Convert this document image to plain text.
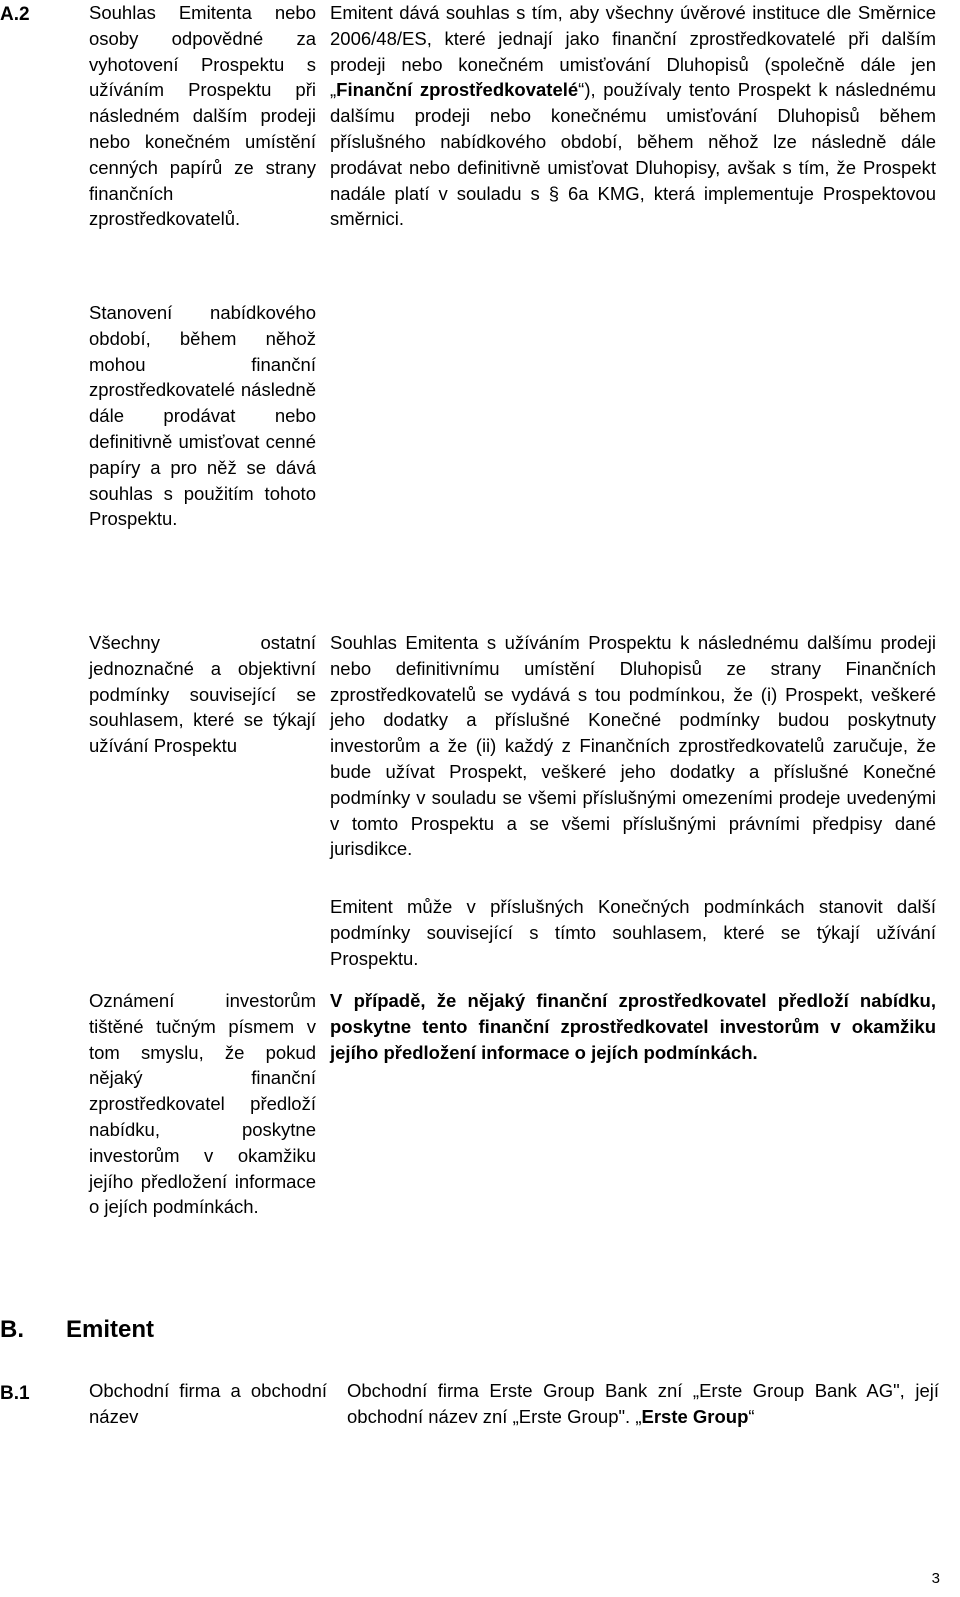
A.2	Souhlas Emitenta nebo osoby odpovědné za vyhotovení Prospektu s užíváním Prospektu při následném dalším prodeji nebo konečném umístění cenných papírů ze strany finančních zprostředkovatelů.

Stanovení nabídkového období, během něhož mohou finanční zprostředkovatelé následně dále prodávat nebo definitivně umisťovat cenné papíry a pro něž se dává souhlas s použitím tohoto Prospektu.

Všechny ostatní jednoznačné a objektivní podmínky související se souhlasem, které se týkají užívání Prospektu

Oznámení investorům tištěné tučným písmem v tom smyslu, že pokud nějaký finanční zprostředkovatel předloží nabídku, poskytne investorům v okamžiku jejího předložení informace o jejích podmínkách.

Emitent dává souhlas s tím, aby všechny úvěrové instituce dle Směrnice 2006/48/ES, které jednají jako finanční zprostředkovatelé při dalším prodeji nebo konečném umisťování Dluhopisů (společně dále jen „Finanční zprostředkovatelé“), používaly tento Prospekt k následnému dalšímu prodeji nebo konečnému umisťování Dluhopisů během příslušného nabídkového období, během něhož lze následně dále prodávat nebo definitivně umisťovat Dluhopisy, avšak s tím, že Prospekt nadále platí v souladu s § 6a KMG, která implementuje Prospektovou směrnici.

Souhlas Emitenta s užíváním Prospektu k následnému dalšímu prodeji nebo definitivnímu umístění Dluhopisů ze strany Finančních zprostředkovatelů se vydává s tou podmínkou, že (i) Prospekt, veškeré jeho dodatky a příslušné Konečné podmínky budou poskytnuty investorům a že (ii) každý z Finančních zprostředkovatelů zaručuje, že bude užívat Prospekt, veškeré jeho dodatky a příslušné Konečné podmínky v souladu se všemi příslušnými omezeními prodeje uvedenými v tomto Prospektu a se všemi příslušnými právními předpisy dané jurisdikce.

Emitent může v příslušných Konečných podmínkách stanovit další podmínky související s tímto souhlasem, které se týkají užívání Prospektu.

V případě, že nějaký finanční zprostředkovatel předloží nabídku, poskytne tento finanční zprostředkovatel investorům v okamžiku jejího předložení informace o jejích podmínkách.

B. Emitent
B.1	Obchodní firma a obchodní název

Obchodní firma Erste Group Bank zní „Erste Group Bank AG", její obchodní název zní „Erste Group". „Erste Group“

3
